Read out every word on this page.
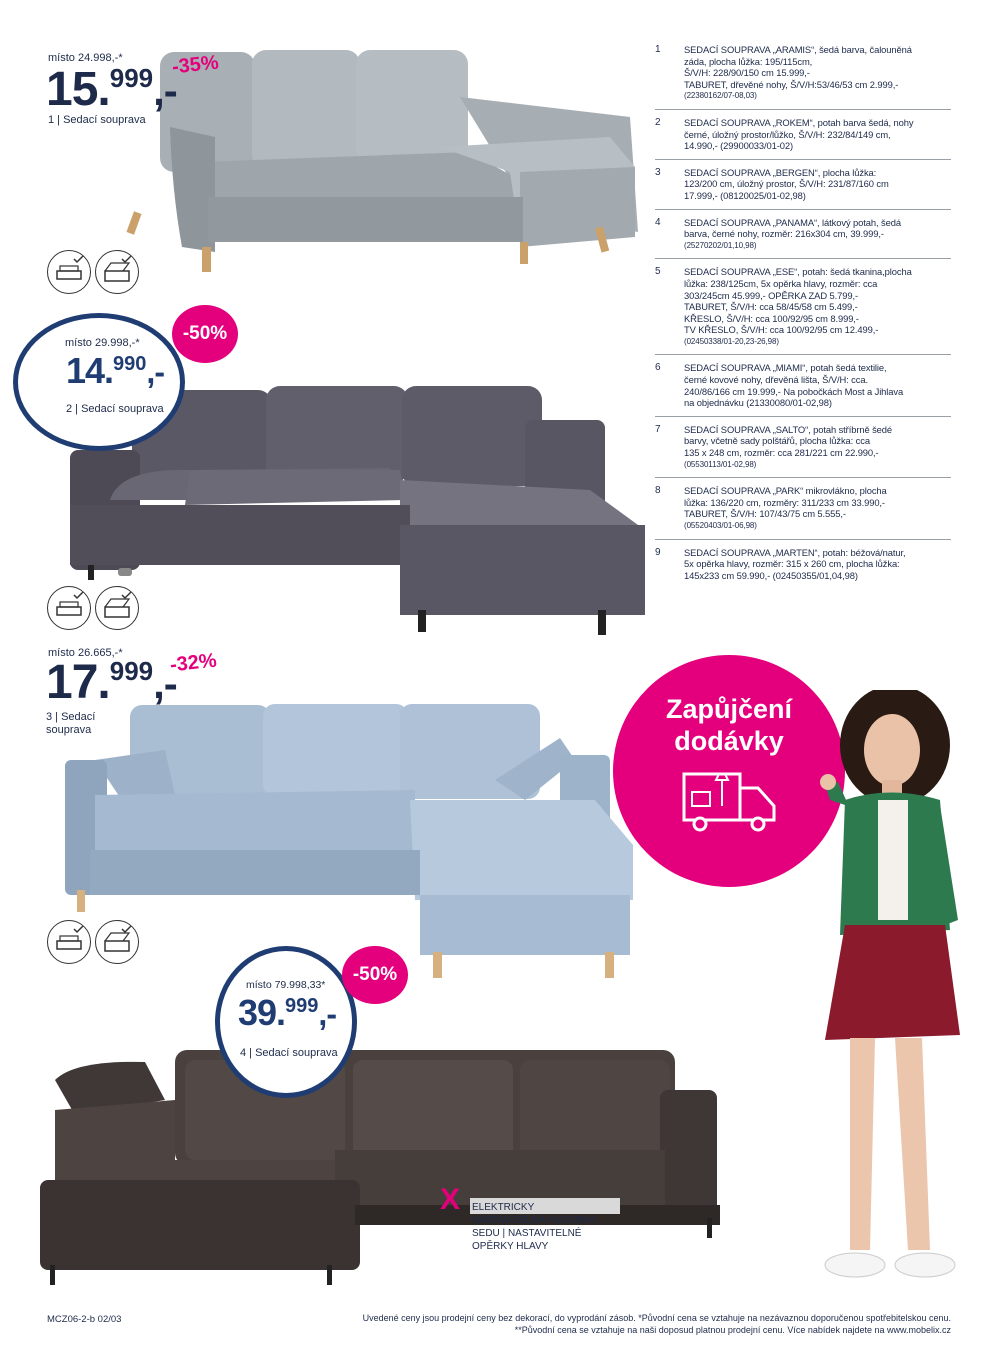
místo 24.998,-*
15.999,-
-35%
1 | Sedací souprava
-50%
místo 29.998,-*
14.990,-
2 | Sedací souprava
místo 26.665,-*
17.999,-
-32%
3 | Sedací
souprava
-50%
místo 79.998,33*
39.999,-
4 | Sedací souprava
1	SEDACÍ SOUPRAVA „ARAMIS“, šedá barva, čalouněná
záda, plocha lůžka: 195/115cm,
Š/V/H: 228/90/150 cm 15.999,-
TABURET, dřevěné nohy, Š/V/H:53/46/53 cm 2.999,-
(22380162/07-08,03)
2	SEDACÍ SOUPRAVA „ROKEM“, potah barva šedá, nohy
černé, úložný prostor/lůžko, Š/V/H: 232/84/149 cm,
14.990,- (29900033/01-02)
3	SEDACÍ SOUPRAVA „BERGEN“, plocha lůžka:
123/200 cm, úložný prostor, Š/V/H: 231/87/160 cm
17.999,- (08120025/01-02,98)
4	SEDACÍ SOUPRAVA „PANAMA“, látkový potah, šedá
barva, černé nohy, rozměr: 216x304 cm, 39.999,-
(25270202/01,10,98)
5	SEDACÍ SOUPRAVA „ESE“, potah: šedá tkanina,plocha
lůžka: 238/125cm, 5x opěrka hlavy, rozměr: cca
303/245cm 45.999,- OPĚRKA ZAD 5.799,-
TABURET, Š/V/H: cca 58/45/58 cm 5.499,-
KŘESLO, Š/V/H: cca 100/92/95 cm 8.999,-
TV KŘESLO, Š/V/H: cca 100/92/95 cm 12.499,-
(02450338/01-20,23-26,98)
6	SEDACÍ SOUPRAVA „MIAMI“, potah šedá textilie,
černé kovové nohy, dřevěná lišta, Š/V/H: cca.
240/86/166 cm 19.999,- Na pobočkách Most a Jihlava
na objednávku (21330080/01-02,98)
7	SEDACÍ SOUPRAVA „SALTO“, potah stříbrně šedé
barvy, včetně sady polštářů, plocha lůžka: cca
135 x 248 cm, rozměr: cca 281/221 cm 22.990,-
(05530113/01-02,98)
8	SEDACÍ SOUPRAVA „PARK“ mikrovlákno, plocha
lůžka: 136/220 cm, rozměry: 311/233 cm 33.990,-
TABURET, Š/V/H: 107/43/75 cm 5.555,-
(05520403/01-06,98)
9	SEDACÍ SOUPRAVA „MARTEN“, potah: béžová/natur,
5x opěrka hlavy, rozměr: 315 x 260 cm, plocha lůžka:
145x233 cm 59.990,- (02450355/01,04,98)
Zapůjčení
dodávky
X ELEKTRICKY
NASTAVITELNÁ HLOUBKA
SEDU | NASTAVITELNÉ
OPĚRKY HLAVY
MCZ06-2-b 02/03	Uvedené ceny jsou prodejní ceny bez dekorací, do vyprodání zásob. *Původní cena se vztahuje na nezávaznou doporučenou spotřebitelskou cenu.
**Původní cena se vztahuje na naši doposud platnou prodejní cenu. Více nabídek najdete na www.mobelix.cz
